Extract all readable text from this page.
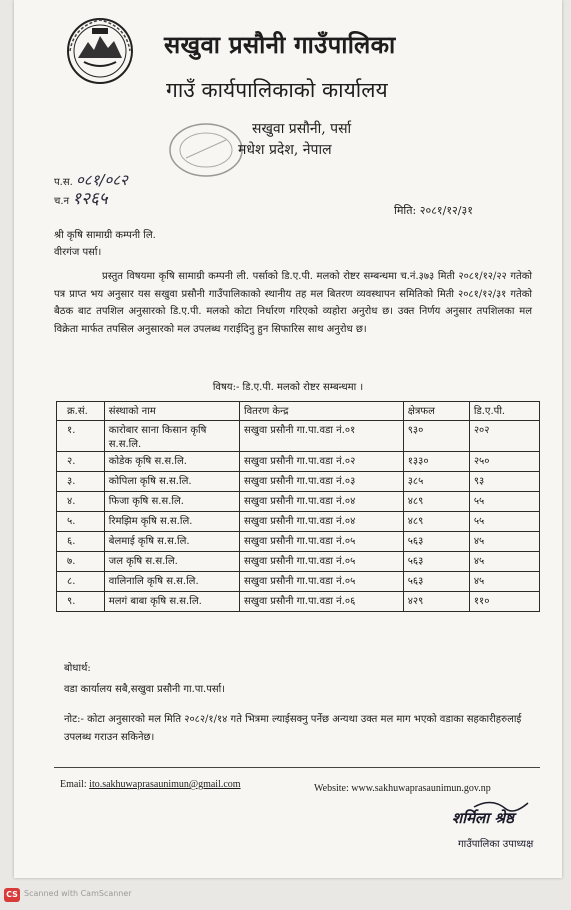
सखुवा प्रसौनी गाउँपालिका
गाउँ कार्यपालिकाको कार्यालय
सखुवा प्रसौनी, पर्सा
मधेश प्रदेश, नेपाल
प.स. ०८१/०८२
च.न १२६५
मिति: २०८१/१२/३१
श्री कृषि सामाग्री कम्पनी लि.
वीरगंज पर्सा।
प्रस्तुत विषयमा कृषि सामाग्री कम्पनी ली. पर्साको डि.ए.पी. मलको रोष्टर सम्बन्धमा च.नं.३७३ मिती २०८१/१२/२२ गतेको पत्र प्राप्त भय अनुसार यस सखुवा प्रसौनी गाउँपालिकाको स्थानीय तह मल बितरण व्यवस्थापन समितिको मिती २०८१/१२/३१ गतेको बैठक बाट तपशिल अनुसारको डि.ए.पी. मलको कोटा निर्धारण गरिएको व्यहोरा अनुरोध छ। उक्त निर्णय अनुसार तपशिलका मल विक्रेता मार्फत तपसिल अनुसारको मल उपलब्ध गराईदिनु हुन सिफारिस साथ अनुरोध छ।
विषय:- डि.ए.पी. मलको रोष्टर सम्बन्धमा ।
क्र.सं.	संस्थाको नाम	वितरण केन्द्र	क्षेत्रफल	डि.ए.पी.
१.	कारोबार साना किसान कृषि स.स.लि.	सखुवा प्रसौनी गा.पा.वडा नं.०१	९३०	२०२
२.	कोडेक कृषि स.स.लि.	सखुवा प्रसौनी गा.पा.वडा नं.०२	१३३०	२५०
३.	कोपिला कृषि स.स.लि.	सखुवा प्रसौनी गा.पा.वडा नं.०३	३८५	९३
४.	फिजा कृषि स.स.लि.	सखुवा प्रसौनी गा.पा.वडा नं.०४	४८९	५५
५.	रिमझिम कृषि स.स.लि.	सखुवा प्रसौनी गा.पा.वडा नं.०४	४८९	५५
६.	बेलमाई कृषि स.स.लि.	सखुवा प्रसौनी गा.पा.वडा नं.०५	५६३	४५
७.	जल कृषि स.स.लि.	सखुवा प्रसौनी गा.पा.वडा नं.०५	५६३	४५
८.	वालिनालि कृषि स.स.लि.	सखुवा प्रसौनी गा.पा.वडा नं.०५	५६३	४५
९.	मलगं बाबा कृषि स.स.लि.	सखुवा प्रसौनी गा.पा.वडा नं.०६	४२९	११०
बोधार्थ:
वडा कार्यालय सबै,सखुवा प्रसौनी गा.पा.पर्सा।
नोट:- कोटा अनुसारको मल मिति २०८२/१/१४ गते भित्रमा ल्याईसक्नु पर्नेछ अन्यथा उक्त मल माग भएको वडाका सहकारीहरुलाई उपलब्ध गराउन सकिनेछ।
Email: ito.sakhuwaprasaunimun@gmail.com	Website: www.sakhuwaprasaunimun.gov.np
शर्मिला श्रेष्ठ
गाउँपालिका उपाध्यक्ष
CS Scanned with CamScanner
